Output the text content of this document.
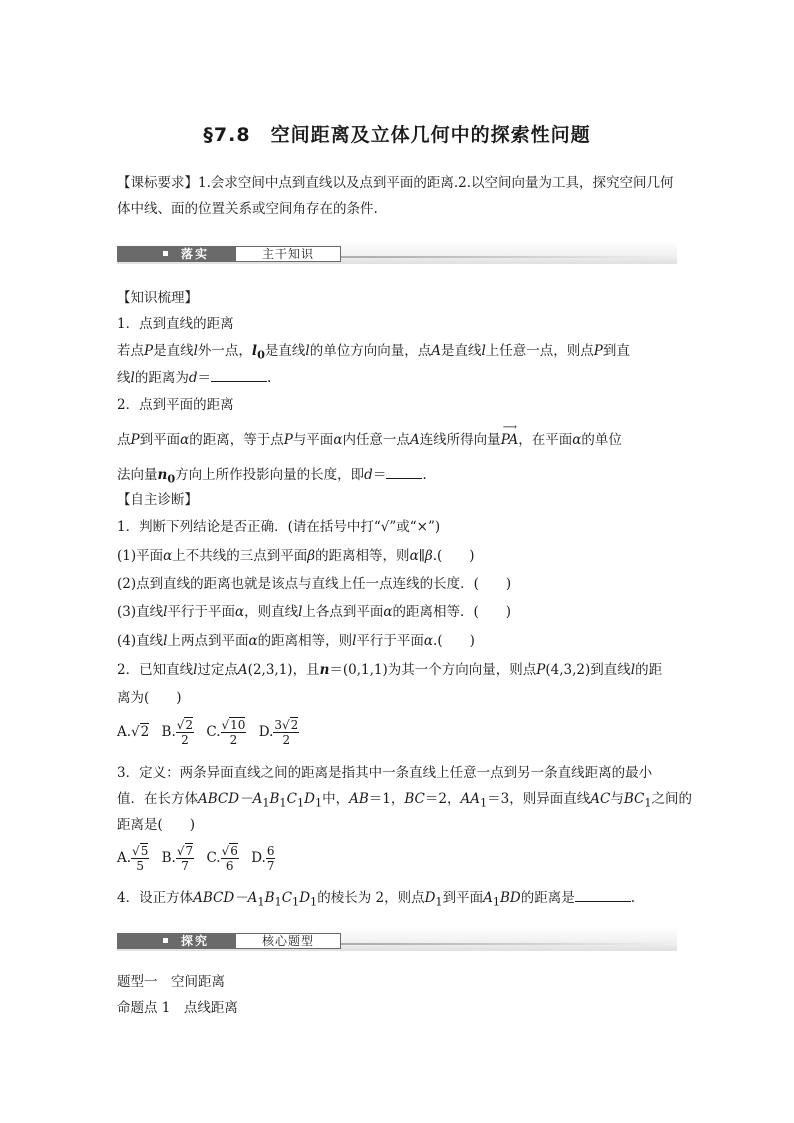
§7.8　空间距离及立体几何中的探索性问题
【课标要求】1.会求空间中点到直线以及点到平面的距离.2.以空间向量为工具，探究空间几何
体中线、面的位置关系或空间角存在的条件.
落实	主干知识
【知识梳理】
1．点到直线的距离
若点P是直线l外一点，$l_0$是直线l的单位方向向量，点A是直线l上任意一点，则点P到直
线l的距离为d＝	.
2．点到平面的距离
点P到平面α的距离，等于点P与平面α内任意一点A连线所得向量
⟶
PA，在平面α的单位
法向量$n_0$方向上所作投影向量的长度，即d＝	.
【自主诊断】
1．判断下列结论是否正确．(请在括号中打“√”或“×”)
(1)平面α上不共线的三点到平面β的距离相等，则α∥β.(　　)
(2)点到直线的距离也就是该点与直线上任一点连线的长度．(　　)
(3)直线l平行于平面α，则直线l上各点到平面α的距离相等．(　　)
(4)直线l上两点到平面α的距离相等，则l平行于平面α.(　　)
2．已知直线l过定点A(2,3,1)，且n＝(0,1,1)为其一个方向向量，则点P(4,3,2)到直线l的距
离为(　　)
A.√2 B. $\frac{√2}{2} C$. $\frac{√10}{2} D$. $\frac{3√2}{2}$
3．定义：两条异面直线之间的距离是指其中一条直线上任意一点到另一条直线距离的最小
值．在长方体$ABCD-A_1B_1C_1D_1$中，AB＝1，BC＝2，$AA_1=3$，则异面直线AC与$BC_1$之间的
距离是(　　)
A. $\frac{√5}{5} B$. $\frac{√7}{7} C$. $\frac{√6}{6} D$. $\frac{6}{7}$
4．设正方体$ABCD-A_1B_1C_1D_1$的棱长为 2，则点$D_1$到平面$A_1BD$的距离是	.
探究	核心题型
题型一　空间距离
命题点 1　点线距离
